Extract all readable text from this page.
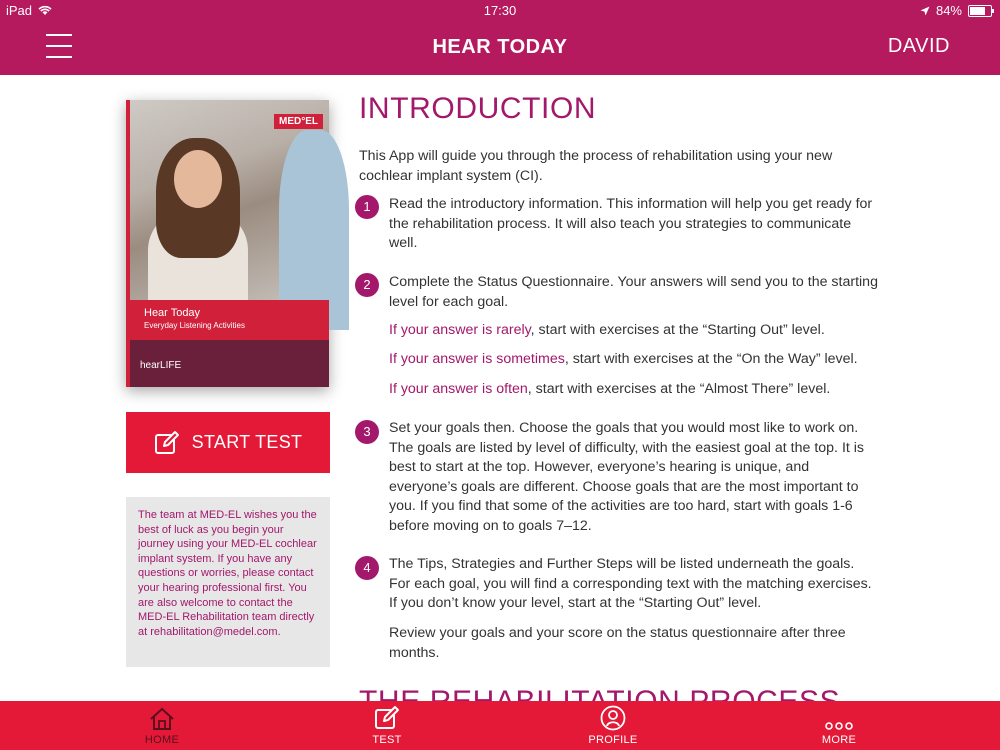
iPad	17:30	84%
HEAR TODAY	DAVID
MED°EL
Hear Today
Everyday Listening Activities
hearLIFE
START TEST
The team at MED-EL wishes you the best of luck as you begin your journey using your MED-EL cochlear implant system. If you have any questions or worries, please contact your hearing professional first. You are also welcome to contact the MED-EL Rehabilitation team directly at rehabilitation@medel.com.
INTRODUCTION
This App will guide you through the process of rehabilitation using your new cochlear implant system (CI).
1	Read the introductory information. This information will help you get ready for the rehabilitation process. It will also teach you strategies to communicate well.
2	Complete the Status Questionnaire. Your answers will send you to the starting level for each goal.
If your answer is rarely, start with exercises at the “Starting Out” level.
If your answer is sometimes, start with exercises at the “On the Way” level.
If your answer is often, start with exercises at the “Almost There” level.
3	Set your goals then. Choose the goals that you would most like to work on. The goals are listed by level of difficulty, with the easiest goal at the top. It is best to start at the top. However, everyone’s hearing is unique, and everyone’s goals are different. Choose goals that are the most important to you. If you find that some of the activities are too hard, start with goals 1-6 before moving on to goals 7–12.
4	The Tips, Strategies and Further Steps will be listed underneath the goals. For each goal, you will find a corresponding text with the matching exercises. If you don’t know your level, start at the “Starting Out” level.
Review your goals and your score on the status questionnaire after three months.
HOME	TEST	PROFILE	MORE
